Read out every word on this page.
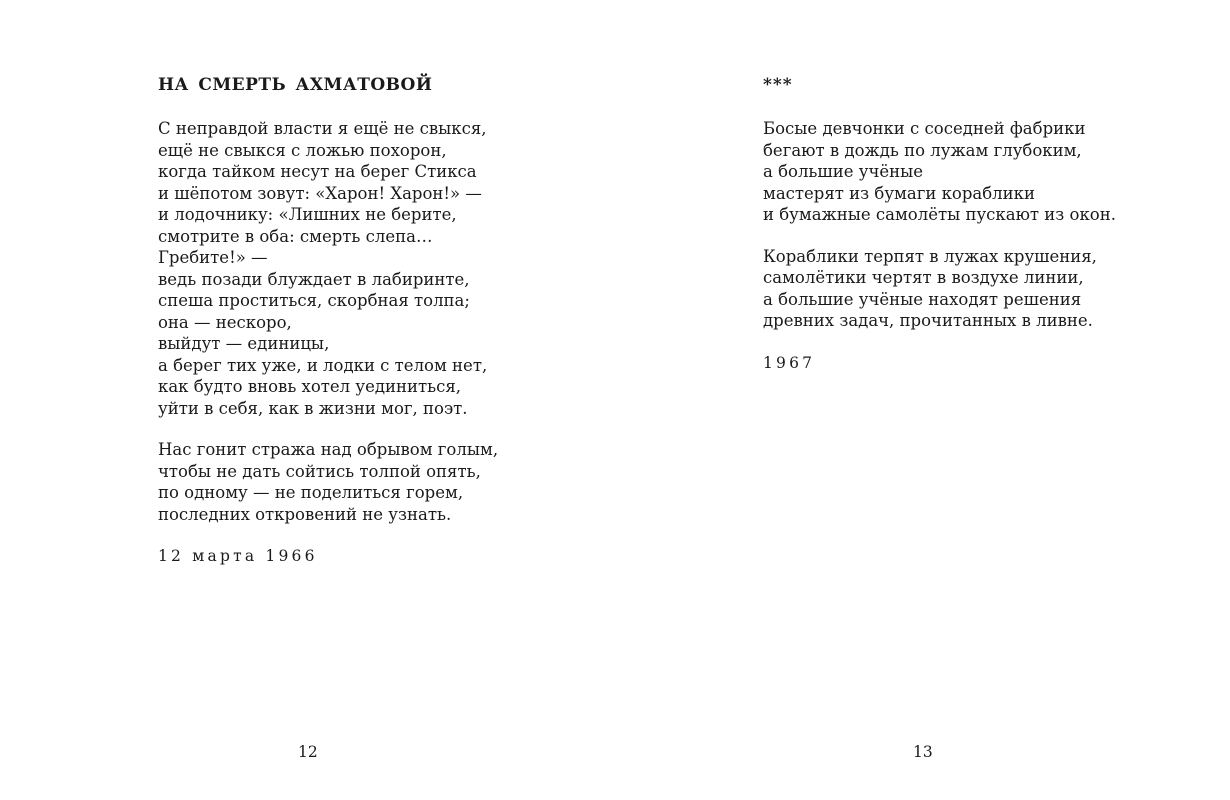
НА СМЕРТЬ АХМАТОВОЙ
С неправдой власти я ещё не свыкся,
ещё не свыкся с ложью похорон,
когда тайком несут на берег Стикса
и шёпотом зовут: «Харон! Харон!» —
и лодочнику: «Лишних не берите,
смотрите в оба: смерть слепа…
Гребите!» —
ведь позади блуждает в лабиринте,
спеша проститься, скорбная толпа;
она — нескоро,
выйдут — единицы,
а берег тих уже, и лодки с телом нет,
как будто вновь хотел уединиться,
уйти в себя, как в жизни мог, поэт.
Нас гонит стража над обрывом голым,
чтобы не дать сойтись толпой опять,
по одному — не поделиться горем,
последних откровений не узнать.
12 марта 1966
12
***
Босые девчонки с соседней фабрики
бегают в дождь по лужам глубоким,
а большие учёные
мастерят из бумаги кораблики
и бумажные самолёты пускают из окон.
Кораблики терпят в лужах крушения,
самолётики чертят в воздухе линии,
а большие учёные находят решения
древних задач, прочитанных в ливне.
1967
13
